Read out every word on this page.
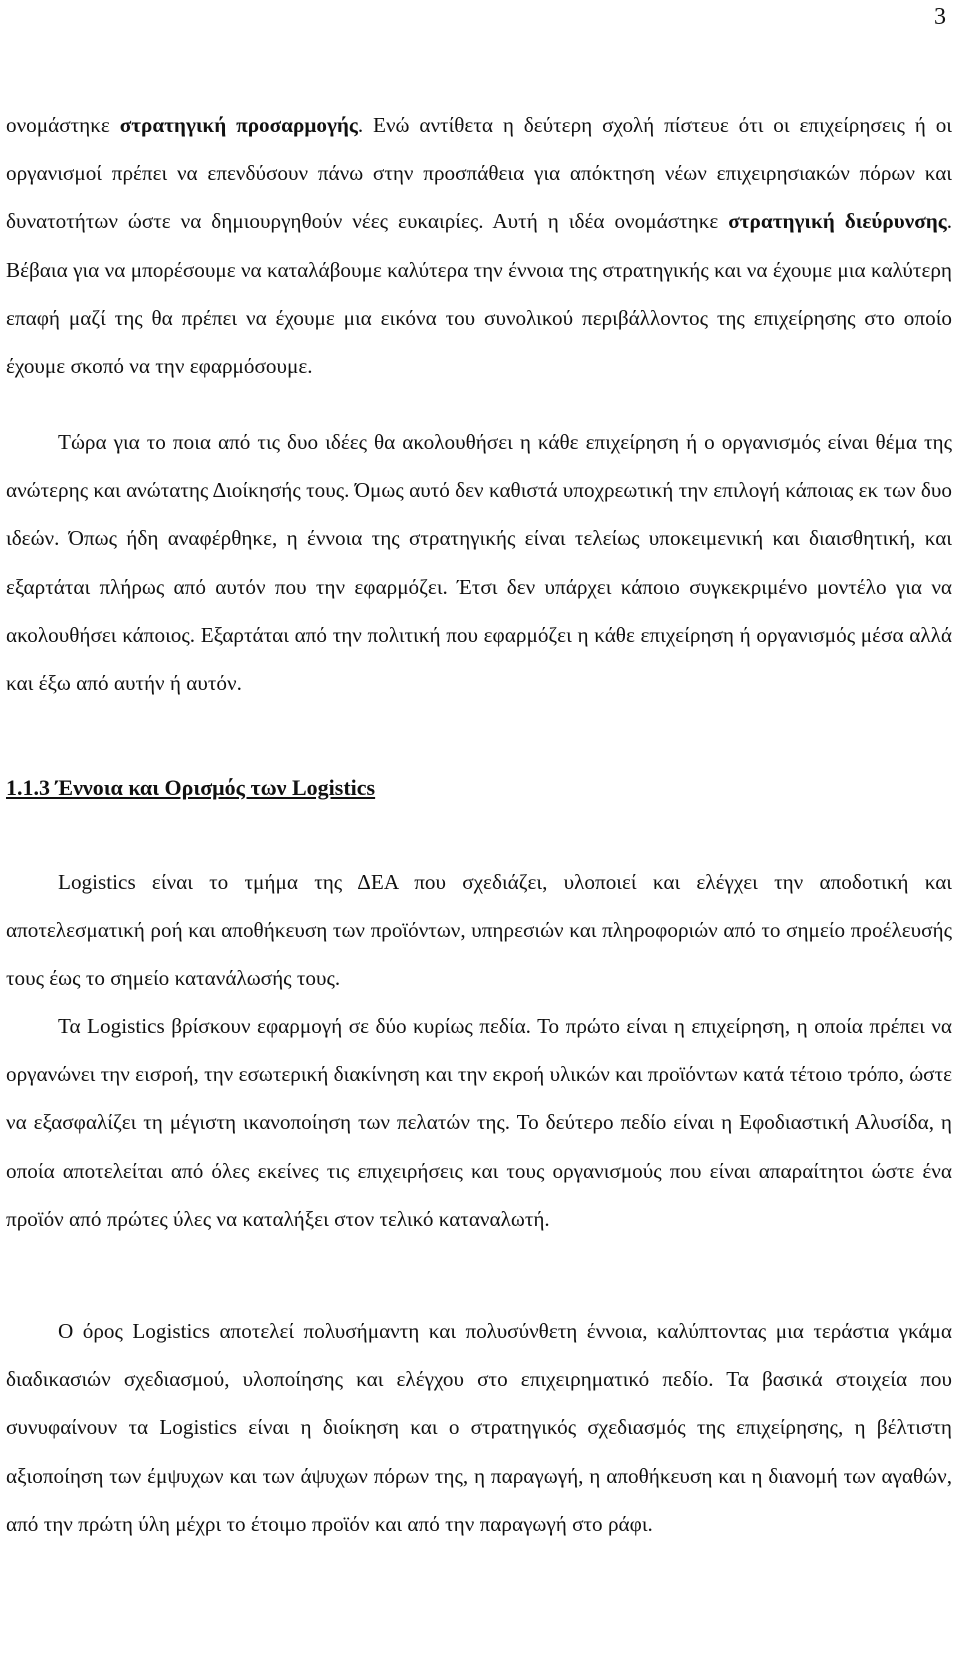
3

ονομάστηκε στρατηγική προσαρμογής. Ενώ αντίθετα η δεύτερη σχολή πίστευε ότι οι επιχείρησεις ή οι οργανισμοί πρέπει να επενδύσουν πάνω στην προσπάθεια για απόκτηση νέων επιχειρησιακών πόρων και δυνατοτήτων ώστε να δημιουργηθούν νέες ευκαιρίες. Αυτή η ιδέα ονομάστηκε στρατηγική διεύρυνσης. Βέβαια για να μπορέσουμε να καταλάβουμε καλύτερα την έννοια της στρατηγικής και να έχουμε μια καλύτερη επαφή μαζί της θα πρέπει να έχουμε μια εικόνα του συνολικού περιβάλλοντος της επιχείρησης στο οποίο έχουμε σκοπό να την εφαρμόσουμε.

Τώρα για το ποια από τις δυο ιδέες θα ακολουθήσει η κάθε επιχείρηση ή ο οργανισμός είναι θέμα της ανώτερης και ανώτατης Διοίκησής τους. Όμως αυτό δεν καθιστά υποχρεωτική την επιλογή κάποιας εκ των δυο ιδεών. Όπως ήδη αναφέρθηκε, η έννοια της στρατηγικής είναι τελείως υποκειμενική και διαισθητική, και εξαρτάται πλήρως από αυτόν που την εφαρμόζει. Έτσι δεν υπάρχει κάποιο συγκεκριμένο μοντέλο για να ακολουθήσει κάποιος. Εξαρτάται από την πολιτική που εφαρμόζει η κάθε επιχείρηση ή οργανισμός μέσα αλλά και έξω από αυτήν ή αυτόν.

1.1.3 Έννοια και Ορισμός των Logistics

Logistics είναι το τμήμα της ΔΕΑ που σχεδιάζει, υλοποιεί και ελέγχει την αποδοτική και αποτελεσματική ροή και αποθήκευση των προϊόντων, υπηρεσιών και πληροφοριών από το σημείο προέλευσής τους έως το σημείο κατανάλωσής τους.

Τα Logistics βρίσκουν εφαρμογή σε δύο κυρίως πεδία. Το πρώτο είναι η επιχείρηση, η οποία πρέπει να οργανώνει την εισροή, την εσωτερική διακίνηση και την εκροή υλικών και προϊόντων κατά τέτοιο τρόπο, ώστε να εξασφαλίζει τη μέγιστη ικανοποίηση των πελατών της. Το δεύτερο πεδίο είναι η Εφοδιαστική Αλυσίδα, η οποία αποτελείται από όλες εκείνες τις επιχειρήσεις και τους οργανισμούς που είναι απαραίτητοι ώστε ένα προϊόν από πρώτες ύλες να καταλήξει στον τελικό καταναλωτή.

Ο όρος Logistics αποτελεί πολυσήμαντη και πολυσύνθετη έννοια, καλύπτοντας μια τεράστια γκάμα διαδικασιών σχεδιασμού, υλοποίησης και ελέγχου στο επιχειρηματικό πεδίο. Τα βασικά στοιχεία που συνυφαίνουν τα Logistics είναι η διοίκηση και ο στρατηγικός σχεδιασμός της επιχείρησης, η βέλτιστη αξιοποίηση των έμψυχων και των άψυχων πόρων της, η παραγωγή, η αποθήκευση και η διανομή των αγαθών, από την πρώτη ύλη μέχρι το έτοιμο προϊόν και από την παραγωγή στο ράφι.
